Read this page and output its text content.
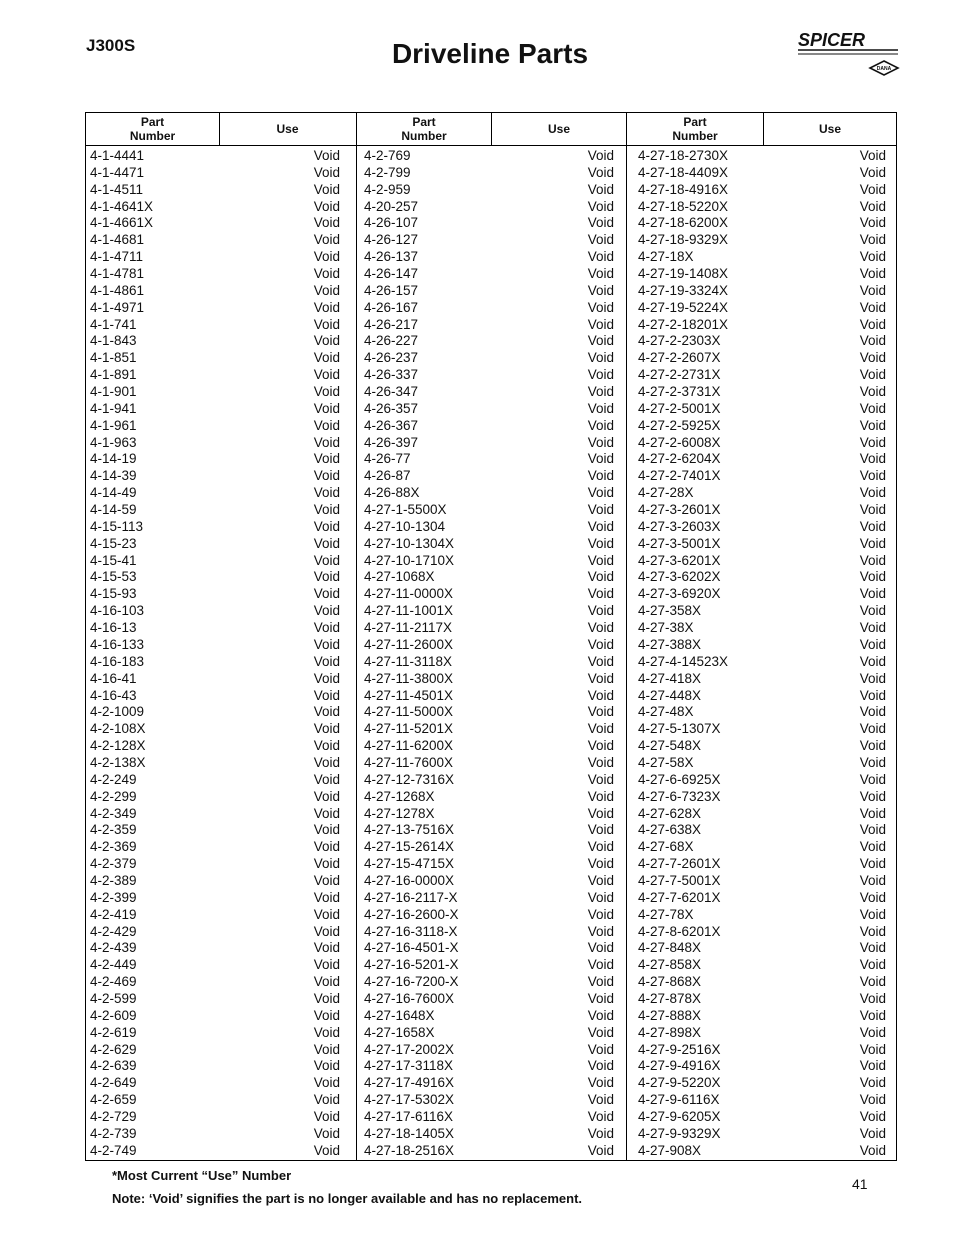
J300S	Driveline Parts	SPICER
DANA
Part
Number	Use	Part
Number	Use	Part
Number	Use
4-1-4441	Void
4-1-4471	Void
4-1-4511	Void
4-1-4641X	Void
4-1-4661X	Void
4-1-4681	Void
4-1-4711	Void
4-1-4781	Void
4-1-4861	Void
4-1-4971	Void
4-1-741	Void
4-1-843	Void
4-1-851	Void
4-1-891	Void
4-1-901	Void
4-1-941	Void
4-1-961	Void
4-1-963	Void
4-14-19	Void
4-14-39	Void
4-14-49	Void
4-14-59	Void
4-15-113	Void
4-15-23	Void
4-15-41	Void
4-15-53	Void
4-15-93	Void
4-16-103	Void
4-16-13	Void
4-16-133	Void
4-16-183	Void
4-16-41	Void
4-16-43	Void
4-2-1009	Void
4-2-108X	Void
4-2-128X	Void
4-2-138X	Void
4-2-249	Void
4-2-299	Void
4-2-349	Void
4-2-359	Void
4-2-369	Void
4-2-379	Void
4-2-389	Void
4-2-399	Void
4-2-419	Void
4-2-429	Void
4-2-439	Void
4-2-449	Void
4-2-469	Void
4-2-599	Void
4-2-609	Void
4-2-619	Void
4-2-629	Void
4-2-639	Void
4-2-649	Void
4-2-659	Void
4-2-729	Void
4-2-739	Void
4-2-749	Void
4-2-769	Void
4-2-799	Void
4-2-959	Void
4-20-257	Void
4-26-107	Void
4-26-127	Void
4-26-137	Void
4-26-147	Void
4-26-157	Void
4-26-167	Void
4-26-217	Void
4-26-227	Void
4-26-237	Void
4-26-337	Void
4-26-347	Void
4-26-357	Void
4-26-367	Void
4-26-397	Void
4-26-77	Void
4-26-87	Void
4-26-88X	Void
4-27-1-5500X	Void
4-27-10-1304	Void
4-27-10-1304X	Void
4-27-10-1710X	Void
4-27-1068X	Void
4-27-11-0000X	Void
4-27-11-1001X	Void
4-27-11-2117X	Void
4-27-11-2600X	Void
4-27-11-3118X	Void
4-27-11-3800X	Void
4-27-11-4501X	Void
4-27-11-5000X	Void
4-27-11-5201X	Void
4-27-11-6200X	Void
4-27-11-7600X	Void
4-27-12-7316X	Void
4-27-1268X	Void
4-27-1278X	Void
4-27-13-7516X	Void
4-27-15-2614X	Void
4-27-15-4715X	Void
4-27-16-0000X	Void
4-27-16-2117-X	Void
4-27-16-2600-X	Void
4-27-16-3118-X	Void
4-27-16-4501-X	Void
4-27-16-5201-X	Void
4-27-16-7200-X	Void
4-27-16-7600X	Void
4-27-1648X	Void
4-27-1658X	Void
4-27-17-2002X	Void
4-27-17-3118X	Void
4-27-17-4916X	Void
4-27-17-5302X	Void
4-27-17-6116X	Void
4-27-18-1405X	Void
4-27-18-2516X	Void
4-27-18-2730X	Void
4-27-18-4409X	Void
4-27-18-4916X	Void
4-27-18-5220X	Void
4-27-18-6200X	Void
4-27-18-9329X	Void
4-27-18X	Void
4-27-19-1408X	Void
4-27-19-3324X	Void
4-27-19-5224X	Void
4-27-2-18201X	Void
4-27-2-2303X	Void
4-27-2-2607X	Void
4-27-2-2731X	Void
4-27-2-3731X	Void
4-27-2-5001X	Void
4-27-2-5925X	Void
4-27-2-6008X	Void
4-27-2-6204X	Void
4-27-2-7401X	Void
4-27-28X	Void
4-27-3-2601X	Void
4-27-3-2603X	Void
4-27-3-5001X	Void
4-27-3-6201X	Void
4-27-3-6202X	Void
4-27-3-6920X	Void
4-27-358X	Void
4-27-38X	Void
4-27-388X	Void
4-27-4-14523X	Void
4-27-418X	Void
4-27-448X	Void
4-27-48X	Void
4-27-5-1307X	Void
4-27-548X	Void
4-27-58X	Void
4-27-6-6925X	Void
4-27-6-7323X	Void
4-27-628X	Void
4-27-638X	Void
4-27-68X	Void
4-27-7-2601X	Void
4-27-7-5001X	Void
4-27-7-6201X	Void
4-27-78X	Void
4-27-8-6201X	Void
4-27-848X	Void
4-27-858X	Void
4-27-868X	Void
4-27-878X	Void
4-27-888X	Void
4-27-898X	Void
4-27-9-2516X	Void
4-27-9-4916X	Void
4-27-9-5220X	Void
4-27-9-6116X	Void
4-27-9-6205X	Void
4-27-9-9329X	Void
4-27-908X	Void
*Most Current “Use” Number
Note: ‘Void’ signifies the part is no longer available and has no replacement.
41
